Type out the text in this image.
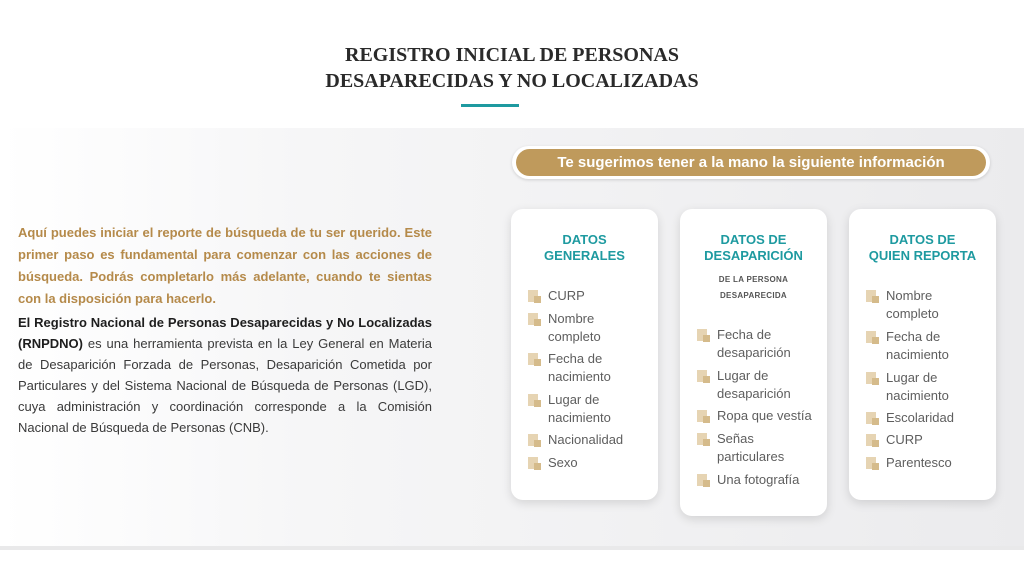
REGISTRO INICIAL DE PERSONAS
DESAPARECIDAS Y NO LOCALIZADAS

Aquí puedes iniciar el reporte de búsqueda de tu ser querido. Este primer paso es fundamental para comenzar con las acciones de búsqueda. Podrás completarlo más adelante, cuando te sientas con la disposición para hacerlo.

El Registro Nacional de Personas Desaparecidas y No Localizadas (RNPDNO) es una herramienta prevista en la Ley General en Materia de Desaparición Forzada de Personas, Desaparición Cometida por Particulares y del Sistema Nacional de Búsqueda de Personas (LGD), cuya administración y coordinación corresponde a la Comisión Nacional de Búsqueda de Personas (CNB).

Te sugerimos tener a la mano la siguiente información
DATOS
GENERALES
CURP
Nombre completo
Fecha de nacimiento
Lugar de nacimiento
Nacionalidad
Sexo
DATOS DE
DESAPARICIÓN
DE LA PERSONA
DESAPARECIDA
Fecha de desaparición
Lugar de desaparición
Ropa que vestía
Señas particulares
Una fotografía
DATOS DE
QUIEN REPORTA
Nombre completo
Fecha de nacimiento
Lugar de nacimiento
Escolaridad
CURP
Parentesco
